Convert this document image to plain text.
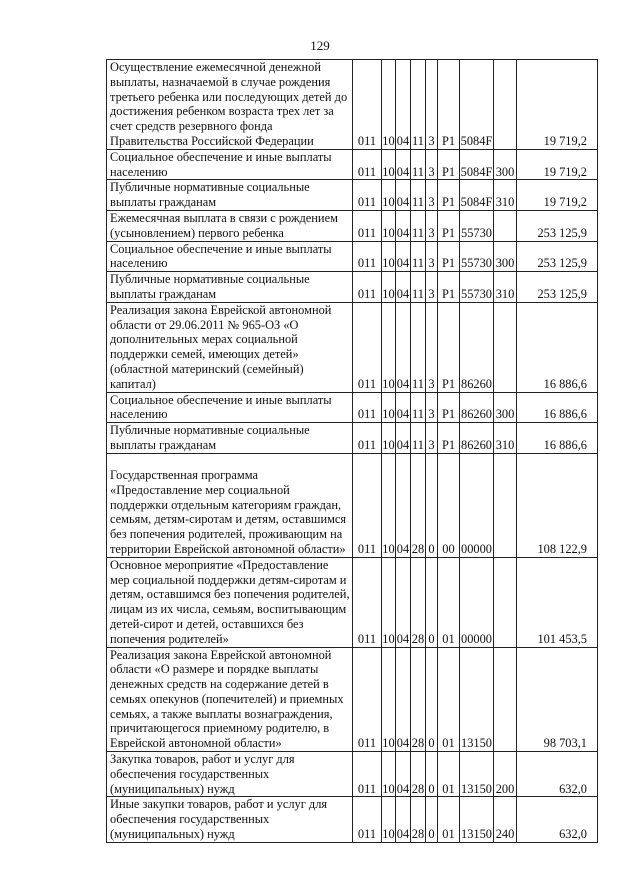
129
Осуществление ежемесячной денежной выплаты, назначаемой в случае рождения третьего ребенка или последующих детей до достижения ребенком возраста трех лет за счет средств резервного фонда Правительства Российской Федерации	011	10	04	11	3	Р1	5084F		19 719,2
Социальное обеспечение и иные выплаты населению	011	10	04	11	3	Р1	5084F	300	19 719,2
Публичные нормативные социальные выплаты гражданам	011	10	04	11	3	Р1	5084F	310	19 719,2
Ежемесячная выплата в связи с рождением (усыновлением) первого ребенка	011	10	04	11	3	Р1	55730		253 125,9
Социальное обеспечение и иные выплаты населению	011	10	04	11	3	Р1	55730	300	253 125,9
Публичные нормативные социальные выплаты гражданам	011	10	04	11	3	Р1	55730	310	253 125,9
Реализация закона Еврейской автономной области от 29.06.2011 № 965-ОЗ «О дополнительных мерах социальной поддержки семей, имеющих детей» (областной материнский (семейный) капитал)	011	10	04	11	3	Р1	86260		16 886,6
Социальное обеспечение и иные выплаты населению	011	10	04	11	3	Р1	86260	300	16 886,6
Публичные нормативные социальные выплаты гражданам	011	10	04	11	3	Р1	86260	310	16 886,6
Государственная программа «Предоставление мер социальной поддержки отдельным категориям граждан, семьям, детям-сиротам и детям, оставшимся без попечения родителей, проживающим на территории Еврейской автономной области»	011	10	04	28	0	00	00000		108 122,9
Основное мероприятие «Предоставление мер социальной поддержки детям-сиротам и детям, оставшимся без попечения родителей, лицам из их числа, семьям, воспитывающим детей-сирот и детей, оставшихся без попечения родителей»	011	10	04	28	0	01	00000		101 453,5
Реализация закона Еврейской автономной области «О размере и порядке выплаты денежных средств на содержание детей в семьях опекунов (попечителей) и приемных семьях, а также выплаты вознаграждения, причитающегося приемному родителю, в Еврейской автономной области»	011	10	04	28	0	01	13150		98 703,1
Закупка товаров, работ и услуг для обеспечения государственных (муниципальных) нужд	011	10	04	28	0	01	13150	200	632,0
Иные закупки товаров, работ и услуг для обеспечения государственных (муниципальных) нужд	011	10	04	28	0	01	13150	240	632,0
